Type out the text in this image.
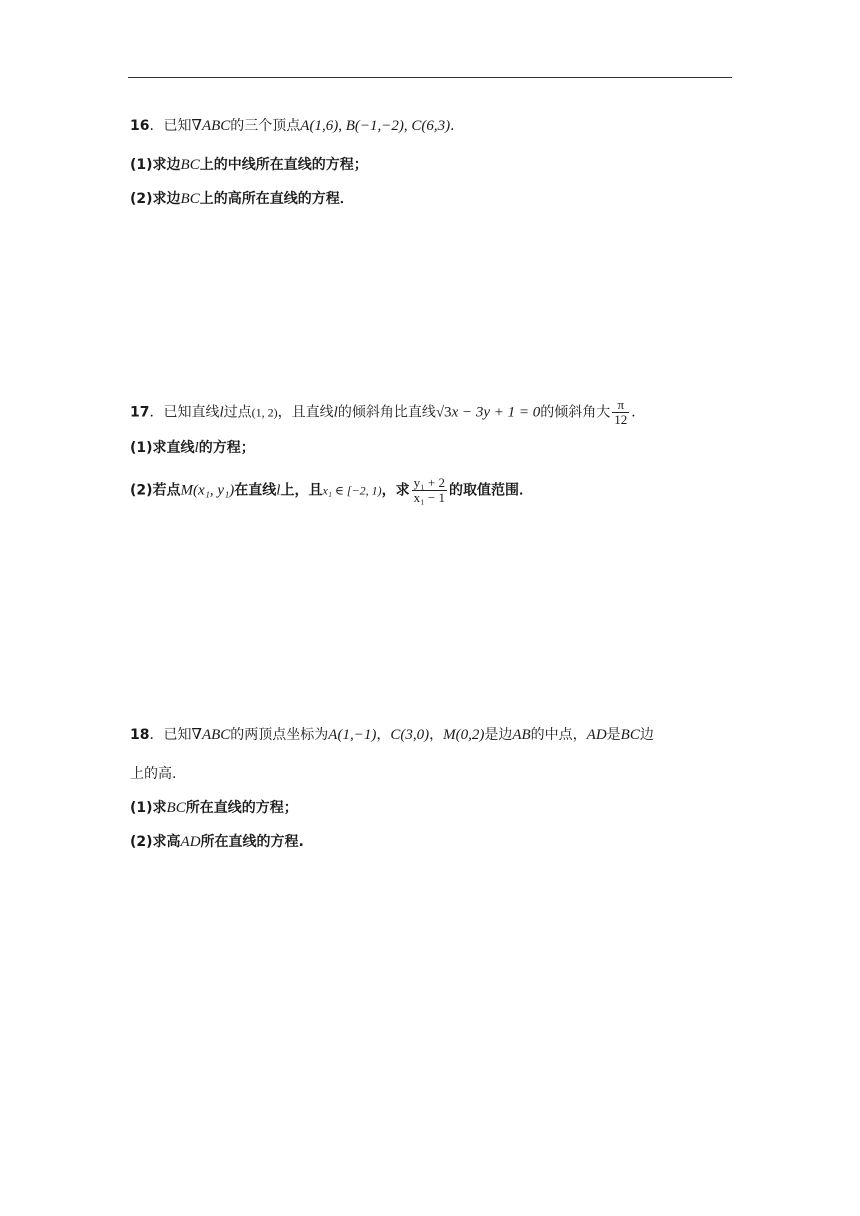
16．已知∇ABC的三个顶点A(1,6), B(−1,−2), C(6,3)．
(1)求边BC上的中线所在直线的方程；
(2)求边BC上的高所在直线的方程．
17．已知直线l过点(1, 2)，且直线l的倾斜角比直线√3x − 3y + 1 = 0的倾斜角大 $\frac{\pi}{12}$ ．
(1)求直线l的方程；
(2)若点M(x₁, y₁)在直线l上，且x₁ ∈ [−2, 1)，求 $\frac{\text{y₁ + 2}}{\text{x₁ − 1}}$ 的取值范围．
18．已知∇ABC的两顶点坐标为A(1,−1)，C(3,0)，M(0,2)是边AB的中点，AD是BC边
上的高.
(1)求BC所在直线的方程；
(2)求高AD所在直线的方程.
